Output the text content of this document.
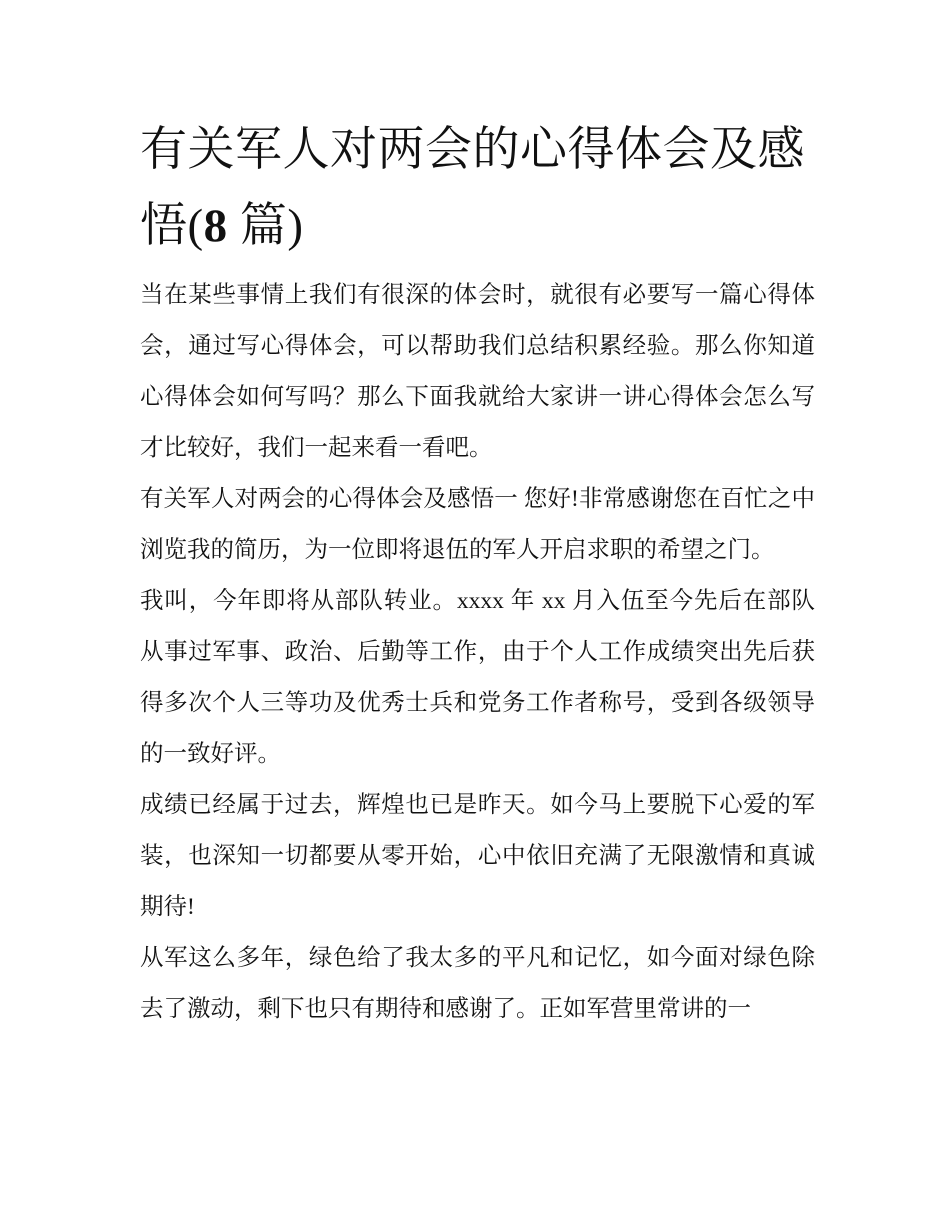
有关军人对两会的心得体会及感悟(8 篇)

当在某些事情上我们有很深的体会时，就很有必要写一篇心得体会，通过写心得体会，可以帮助我们总结积累经验。那么你知道心得体会如何写吗？那么下面我就给大家讲一讲心得体会怎么写才比较好，我们一起来看一看吧。

有关军人对两会的心得体会及感悟一 您好!非常感谢您在百忙之中浏览我的简历，为一位即将退伍的军人开启求职的希望之门。

我叫，今年即将从部队转业。xxxx 年 xx 月入伍至今先后在部队从事过军事、政治、后勤等工作，由于个人工作成绩突出先后获得多次个人三等功及优秀士兵和党务工作者称号，受到各级领导的一致好评。

成绩已经属于过去，辉煌也已是昨天。如今马上要脱下心爱的军装，也深知一切都要从零开始，心中依旧充满了无限激情和真诚期待!

从军这么多年，绿色给了我太多的平凡和记忆，如今面对绿色除去了激动，剩下也只有期待和感谢了。正如军营里常讲的一
